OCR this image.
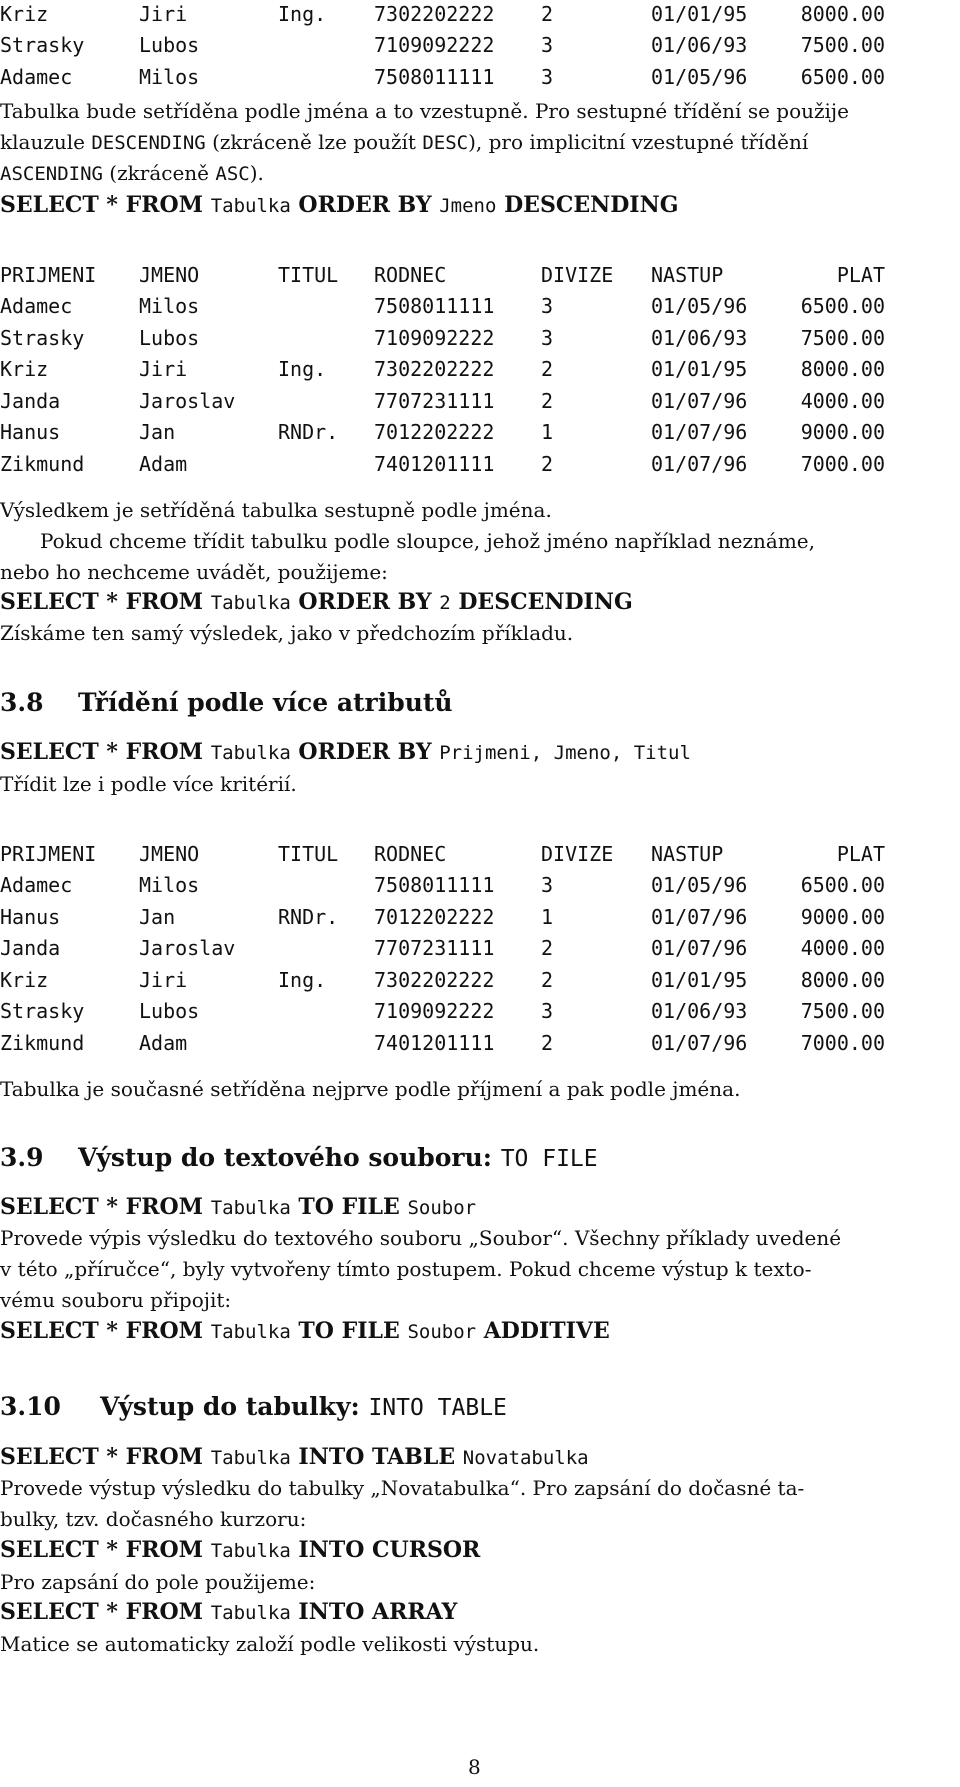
Kriz	Jiri	Ing.	7302202222	2	01/01/95	8000.00
Strasky	Lubos		7109092222	3	01/06/93	7500.00
Adamec	Milos		7508011111	3	01/05/96	6500.00
Tabulka bude setříděna podle jména a to vzestupně. Pro sestupné třídění se použije
klauzule DESCENDING (zkráceně lze použít DESC), pro implicitní vzestupné třídění
ASCENDING (zkráceně ASC).
SELECT * FROM Tabulka ORDER BY Jmeno DESCENDING
PRIJMENI	JMENO	TITUL	RODNEC	DIVIZE	NASTUP	PLAT
Adamec	Milos		7508011111	3	01/05/96	6500.00
Strasky	Lubos		7109092222	3	01/06/93	7500.00
Kriz	Jiri	Ing.	7302202222	2	01/01/95	8000.00
Janda	Jaroslav		7707231111	2	01/07/96	4000.00
Hanus	Jan	RNDr.	7012202222	1	01/07/96	9000.00
Zikmund	Adam		7401201111	2	01/07/96	7000.00
Výsledkem je setříděná tabulka sestupně podle jména.
Pokud chceme třídit tabulku podle sloupce, jehož jméno například neznáme,
nebo ho nechceme uvádět, použijeme:
SELECT * FROM Tabulka ORDER BY 2 DESCENDING
Získáme ten samý výsledek, jako v předchozím příkladu.
3.8 Třídění podle více atributů
SELECT * FROM Tabulka ORDER BY Prijmeni, Jmeno, Titul
Třídit lze i podle více kritérií.
PRIJMENI	JMENO	TITUL	RODNEC	DIVIZE	NASTUP	PLAT
Adamec	Milos		7508011111	3	01/05/96	6500.00
Hanus	Jan	RNDr.	7012202222	1	01/07/96	9000.00
Janda	Jaroslav		7707231111	2	01/07/96	4000.00
Kriz	Jiri	Ing.	7302202222	2	01/01/95	8000.00
Strasky	Lubos		7109092222	3	01/06/93	7500.00
Zikmund	Adam		7401201111	2	01/07/96	7000.00
Tabulka je současné setříděna nejprve podle příjmení a pak podle jména.
3.9 Výstup do textového souboru: TO FILE
SELECT * FROM Tabulka TO FILE Soubor
Provede výpis výsledku do textového souboru „Soubor“. Všechny příklady uvedené
v této „příručce“, byly vytvořeny tímto postupem. Pokud chceme výstup k texto-
vému souboru připojit:
SELECT * FROM Tabulka TO FILE Soubor ADDITIVE
3.10 Výstup do tabulky: INTO TABLE
SELECT * FROM Tabulka INTO TABLE Novatabulka
Provede výstup výsledku do tabulky „Novatabulka“. Pro zapsání do dočasné ta-
bulky, tzv. dočasného kurzoru:
SELECT * FROM Tabulka INTO CURSOR
Pro zapsání do pole použijeme:
SELECT * FROM Tabulka INTO ARRAY
Matice se automaticky založí podle velikosti výstupu.
8
